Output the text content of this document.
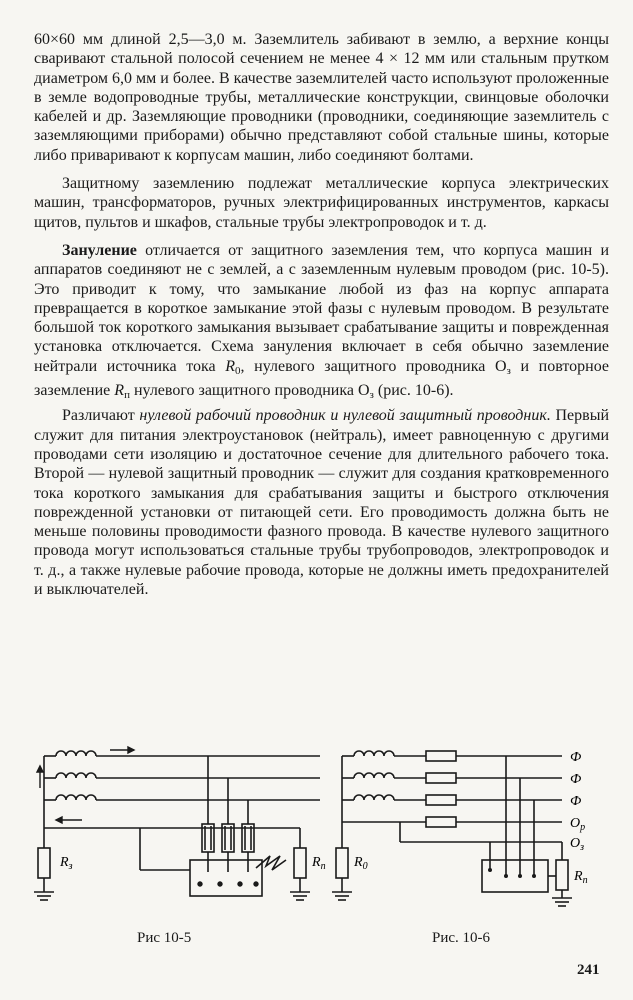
60×60 мм длиной 2,5—3,0 м. Заземлитель забивают в землю, а верхние концы сваривают стальной полосой сечением не менее 4 × 12 мм или стальным прутком диаметром 6,0 мм и более. В качестве заземлителей часто используют проложенные в земле водопроводные трубы, металлические конструкции, свинцовые оболочки кабелей и др. Заземляющие проводники (проводники, соединяющие заземлитель с заземляющими приборами) обычно представляют собой стальные шины, которые либо приваривают к корпусам машин, либо соединяют болтами.

Защитному заземлению подлежат металлические корпуса электрических машин, трансформаторов, ручных электрифицированных инструментов, каркасы щитов, пультов и шкафов, стальные трубы электропроводок и т. д.

Зануление отличается от защитного заземления тем, что корпуса машин и аппаратов соединяют не с землей, а с заземленным нулевым проводом (рис. 10-5). Это приводит к тому, что замыкание любой из фаз на корпус аппарата превращается в короткое замыкание этой фазы с нулевым проводом. В результате большой ток короткого замыкания вызывает срабатывание защиты и поврежденная установка отключается. Схема зануления включает в себя обычно заземление нейтрали источника тока $R_0$, нулевого защитного проводника $О_з$ и повторное заземление $R_п$ нулевого защитного проводника $О_з$ (рис. 10-6).

Различают нулевой рабочий проводник и нулевой защитный проводник. Первый служит для питания электроустановок (нейтраль), имеет равноценную с другими проводами сети изоляцию и достаточное сечение для длительного рабочего тока. Второй — нулевой защитный проводник — служит для создания кратковременного тока короткого замыкания для срабатывания защиты и быстрого отключения поврежденной установки от питающей сети. Его проводимость должна быть не меньше половины проводимости фазного провода. В качестве нулевого защитного провода могут использоваться стальные трубы трубопроводов, электропроводок и т. д., а также нулевые рабочие провода, которые не должны иметь предохранителей и выключателей.

$R_з$	$R_п$ $R_0$
$R_п$
Ф
Ф
Ф
$О_р$
$О_з$
Рис 10-5	Рис. 10-6
241
